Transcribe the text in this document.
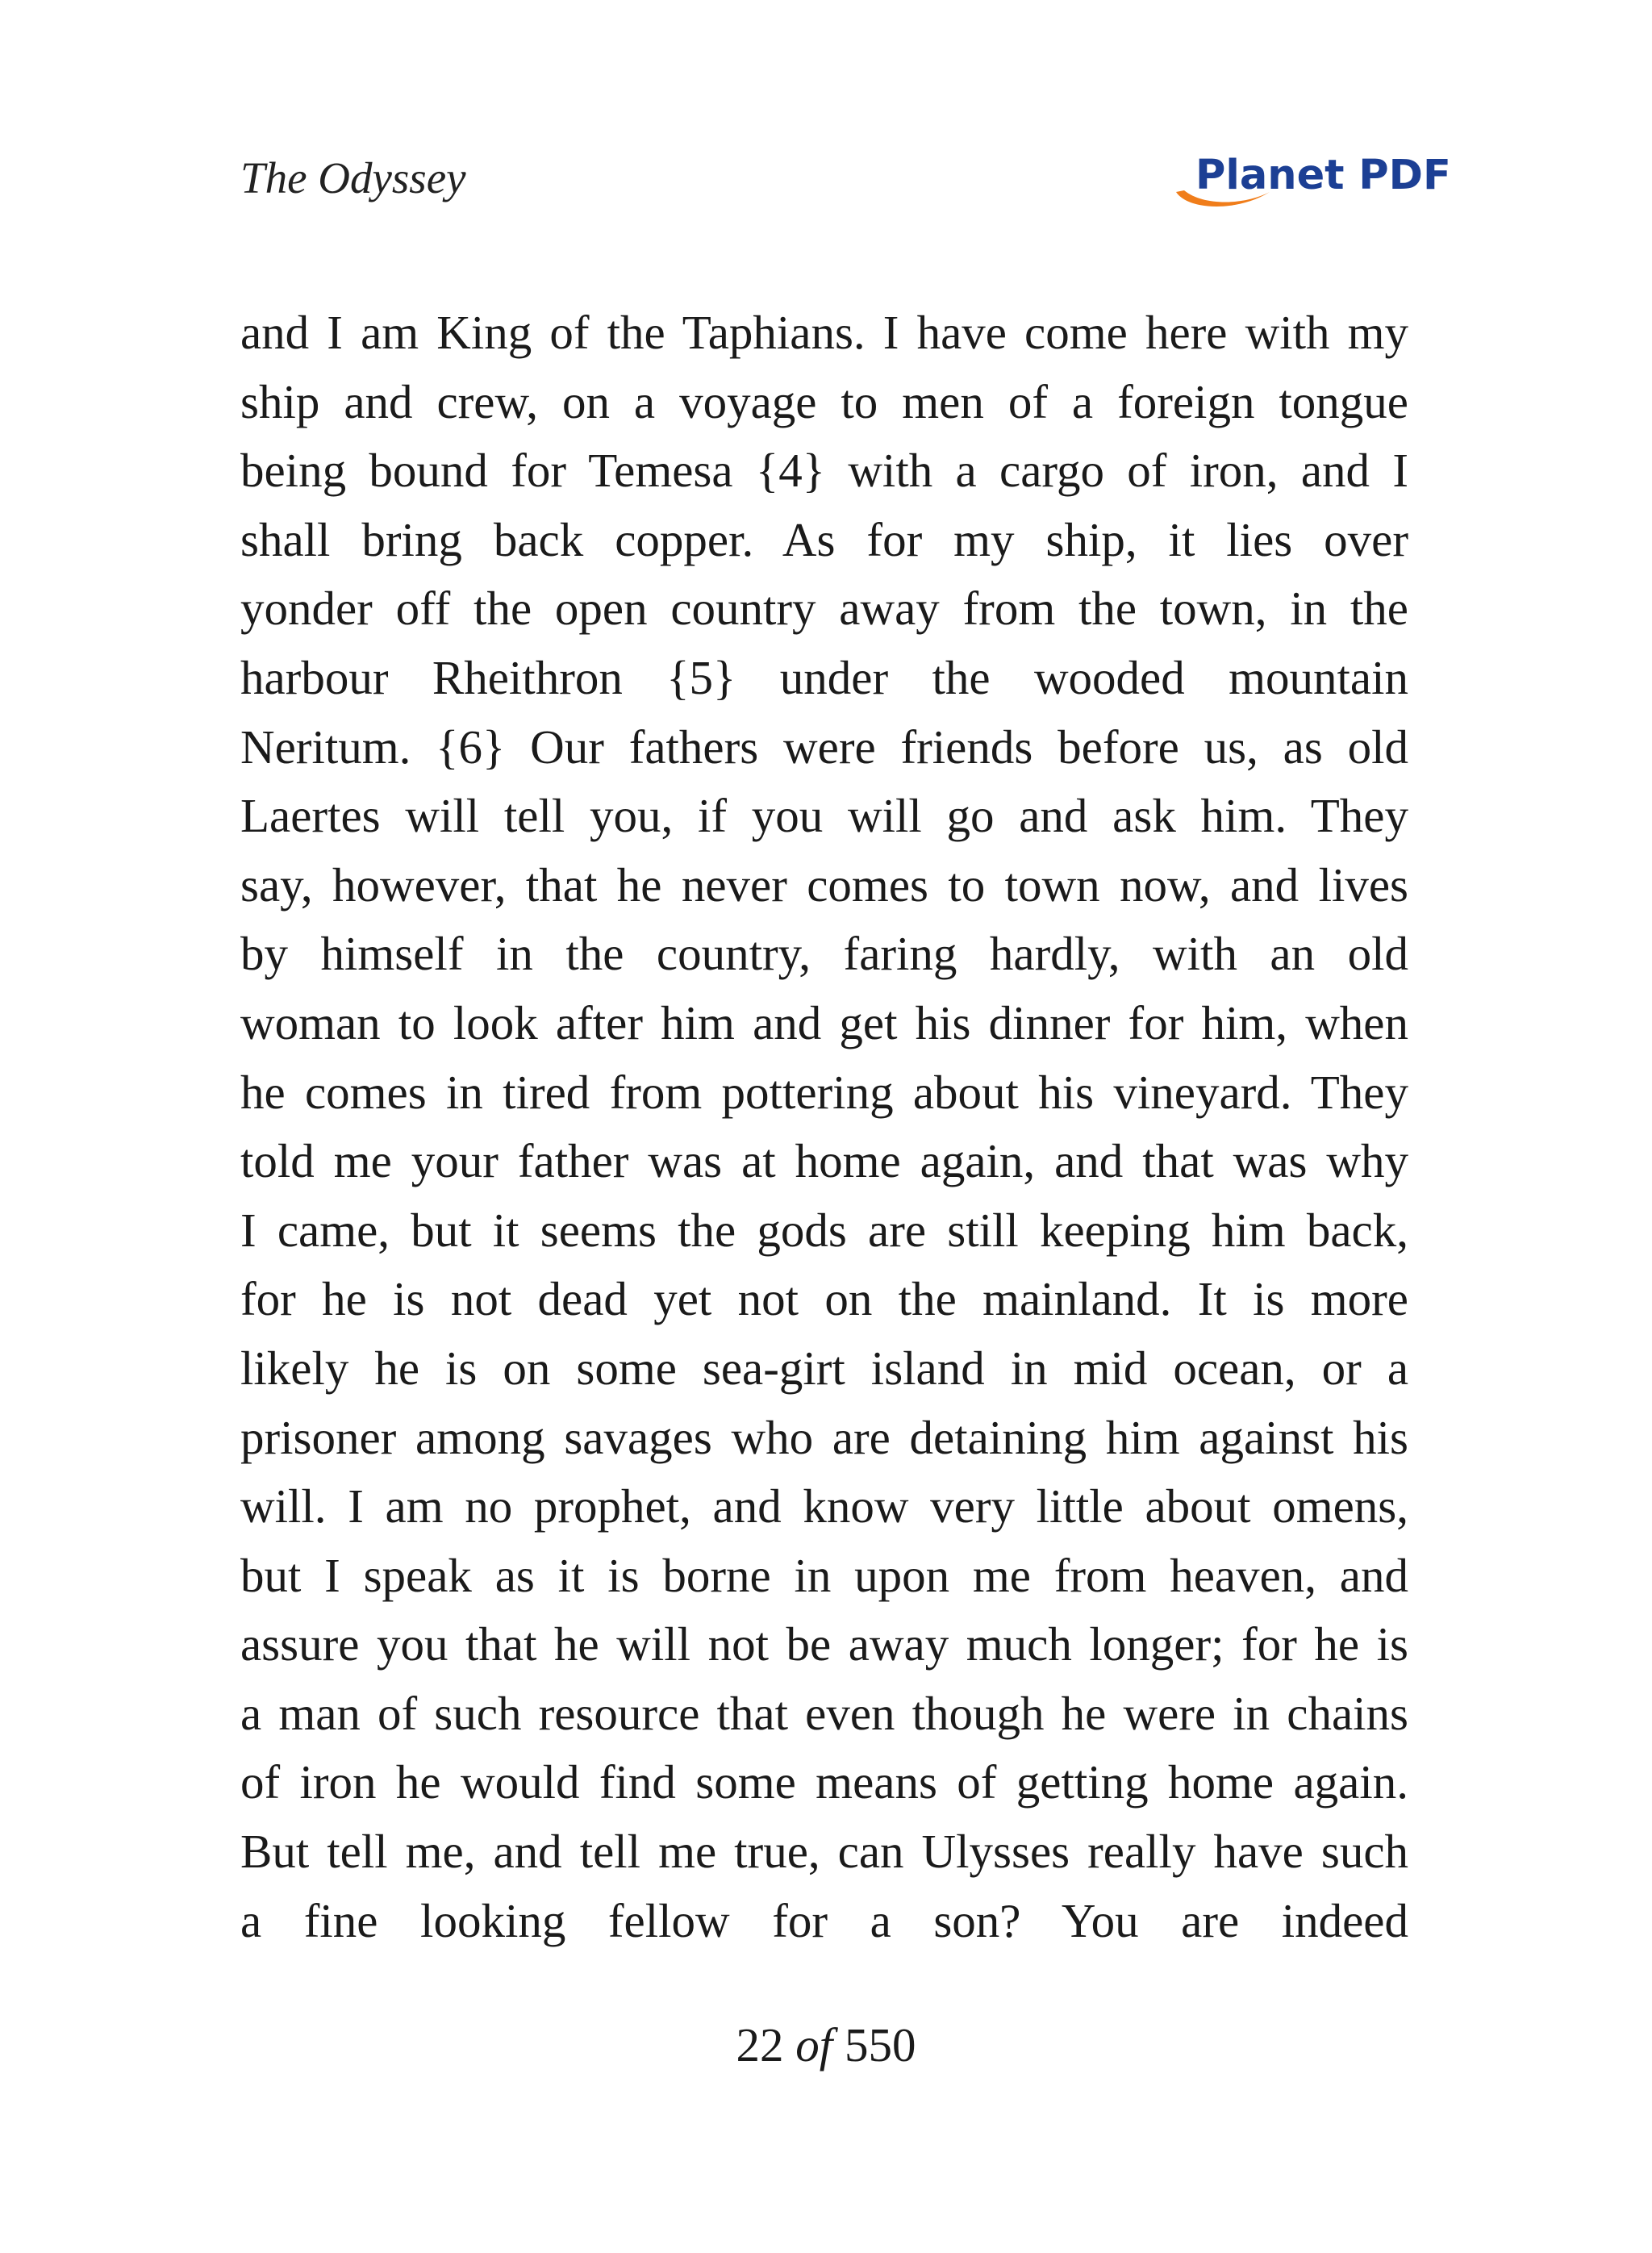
The Odyssey	Planet PDF
and I am King of the Taphians. I have come here with my
ship and crew, on a voyage to men of a foreign tongue
being bound for Temesa {4} with a cargo of iron, and I
shall bring back copper. As for my ship, it lies over
yonder off the open country away from the town, in the
harbour Rheithron {5} under the wooded mountain
Neritum. {6} Our fathers were friends before us, as old
Laertes will tell you, if you will go and ask him. They
say, however, that he never comes to town now, and lives
by himself in the country, faring hardly, with an old
woman to look after him and get his dinner for him, when
he comes in tired from pottering about his vineyard. They
told me your father was at home again, and that was why
I came, but it seems the gods are still keeping him back,
for he is not dead yet not on the mainland. It is more
likely he is on some sea-girt island in mid ocean, or a
prisoner among savages who are detaining him against his
will. I am no prophet, and know very little about omens,
but I speak as it is borne in upon me from heaven, and
assure you that he will not be away much longer; for he is
a man of such resource that even though he were in chains
of iron he would find some means of getting home again.
But tell me, and tell me true, can Ulysses really have such
a fine looking fellow for a son? You are indeed
22 of 550
